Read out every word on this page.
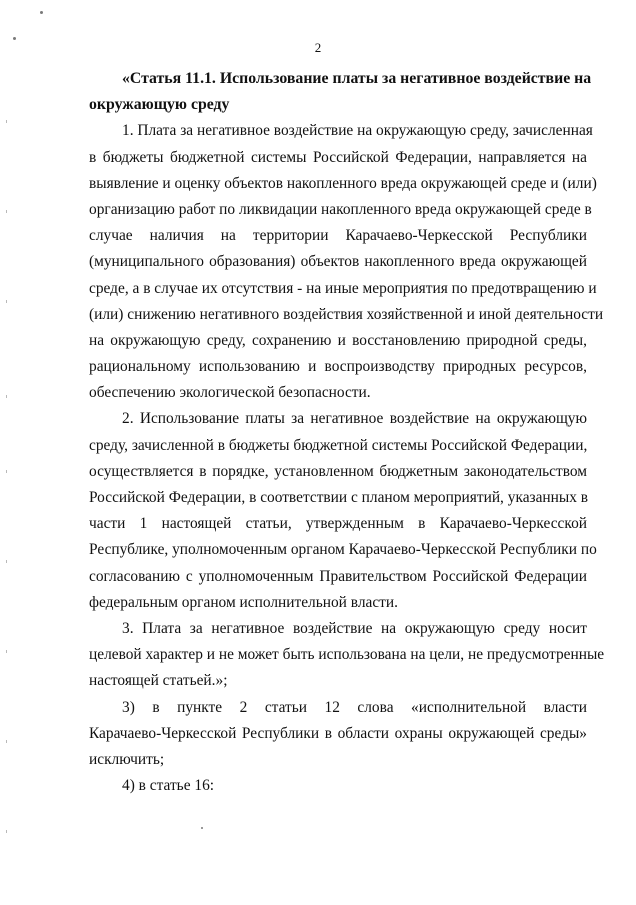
2
«Статья 11.1. Использование платы за негативное воздействие на
окружающую среду
1. Плата за негативное воздействие на окружающую среду, зачисленная
в бюджеты бюджетной системы Российской Федерации, направляется на
выявление и оценку объектов накопленного вреда окружающей среде и (или)
организацию работ по ликвидации накопленного вреда окружающей среде в
случае наличия на территории Карачаево-Черкесской Республики
(муниципального образования) объектов накопленного вреда окружающей
среде, а в случае их отсутствия - на иные мероприятия по предотвращению и
(или) снижению негативного воздействия хозяйственной и иной деятельности
на окружающую среду, сохранению и восстановлению природной среды,
рациональному использованию и воспроизводству природных ресурсов,
обеспечению экологической безопасности.
2. Использование платы за негативное воздействие на окружающую
среду, зачисленной в бюджеты бюджетной системы Российской Федерации,
осуществляется в порядке, установленном бюджетным законодательством
Российской Федерации, в соответствии с планом мероприятий, указанных в
части 1 настоящей статьи, утвержденным в Карачаево-Черкесской
Республике, уполномоченным органом Карачаево-Черкесской Республики по
согласованию с уполномоченным Правительством Российской Федерации
федеральным органом исполнительной власти.
3. Плата за негативное воздействие на окружающую среду носит
целевой характер и не может быть использована на цели, не предусмотренные
настоящей статьей.»;
3) в пункте 2 статьи 12 слова «исполнительной власти
Карачаево-Черкесской Республики в области охраны окружающей среды»
исключить;
4) в статье 16:
